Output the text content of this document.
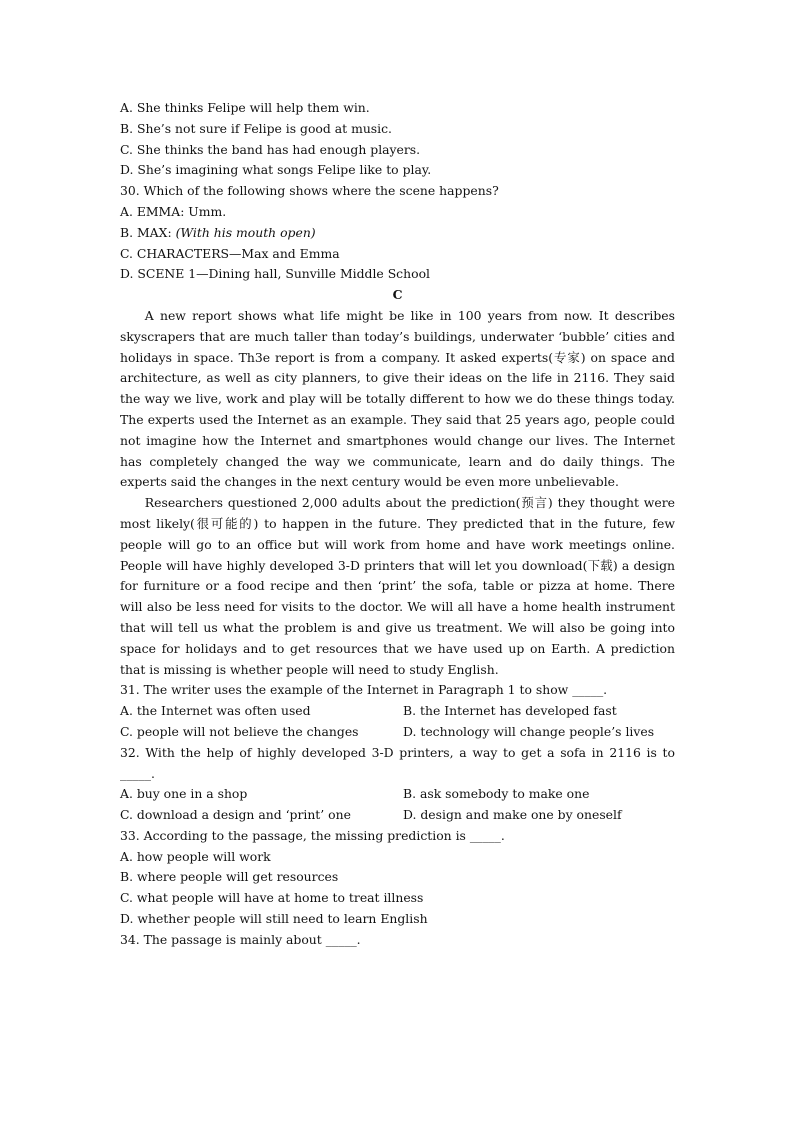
A. She thinks Felipe will help them win.
B. She’s not sure if Felipe is good at music.
C. She thinks the band has had enough players.
D. She’s imagining what songs Felipe like to play.
30. Which of the following shows where the scene happens?
A. EMMA: Umm.
B. MAX: (With his mouth open)
C. CHARACTERS—Max and Emma
D. SCENE 1—Dining hall, Sunville Middle School
C
A new report shows what life might be like in 100 years from now. It describes skyscrapers that are much taller than today’s buildings, underwater ‘bubble’ cities and holidays in space. Th3e report is from a company. It asked experts(专家) on space and architecture, as well as city planners, to give their ideas on the life in 2116. They said the way we live, work and play will be totally different to how we do these things today. The experts used the Internet as an example. They said that 25 years ago, people could not imagine how the Internet and smartphones would change our lives. The Internet has completely changed the way we communicate, learn and do daily things. The experts said the changes in the next century would be even more unbelievable.
Researchers questioned 2,000 adults about the prediction(预言) they thought were most likely(很可能的) to happen in the future. They predicted that in the future, few people will go to an office but will work from home and have work meetings online. People will have highly developed 3-D printers that will let you download(下载) a design for furniture or a food recipe and then ‘print’ the sofa, table or pizza at home. There will also be less need for visits to the doctor. We will all have a home health instrument that will tell us what the problem is and give us treatment. We will also be going into space for holidays and to get resources that we have used up on Earth. A prediction that is missing is whether people will need to study English.
31. The writer uses the example of the Internet in Paragraph 1 to show _____.
A. the Internet was often used	B. the Internet has developed fast
C. people will not believe the changes	D. technology will change people’s lives
32. With the help of highly developed 3-D printers, a way to get a sofa in 2116 is to _____.
A. buy one in a shop	B. ask somebody to make one
C. download a design and ‘print’ one	D. design and make one by oneself
33. According to the passage, the missing prediction is _____.
A. how people will work
B. where people will get resources
C. what people will have at home to treat illness
D. whether people will still need to learn English
34. The passage is mainly about _____.
